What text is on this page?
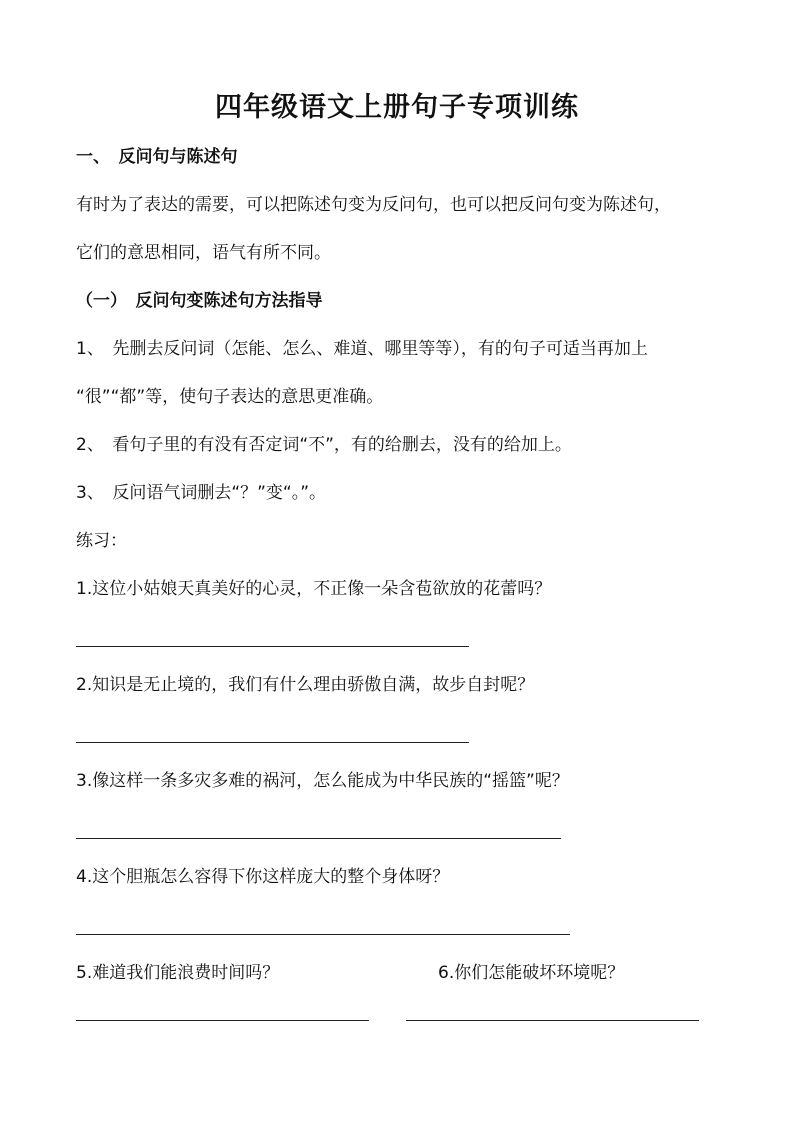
四年级语文上册句子专项训练
一、　反问句与陈述句
有时为了表达的需要，可以把陈述句变为反问句，也可以把反问句变为陈述句，
它们的意思相同，语气有所不同。
（一）　反问句变陈述句方法指导
1、　先删去反问词（怎能、怎么、难道、哪里等等），有的句子可适当再加上
“很”“都”等，使句子表达的意思更准确。
2、　看句子里的有没有否定词“不”，有的给删去，没有的给加上。
3、　反问语气词删去“？”变“。”。
练习：
1.这位小姑娘天真美好的心灵，不正像一朵含苞欲放的花蕾吗？
2.知识是无止境的，我们有什么理由骄傲自满，故步自封呢？
3.像这样一条多灾多难的祸河，怎么能成为中华民族的“摇篮”呢？
4.这个胆瓶怎么容得下你这样庞大的整个身体呀？
5.难道我们能浪费时间吗？	6.你们怎能破坏环境呢？
